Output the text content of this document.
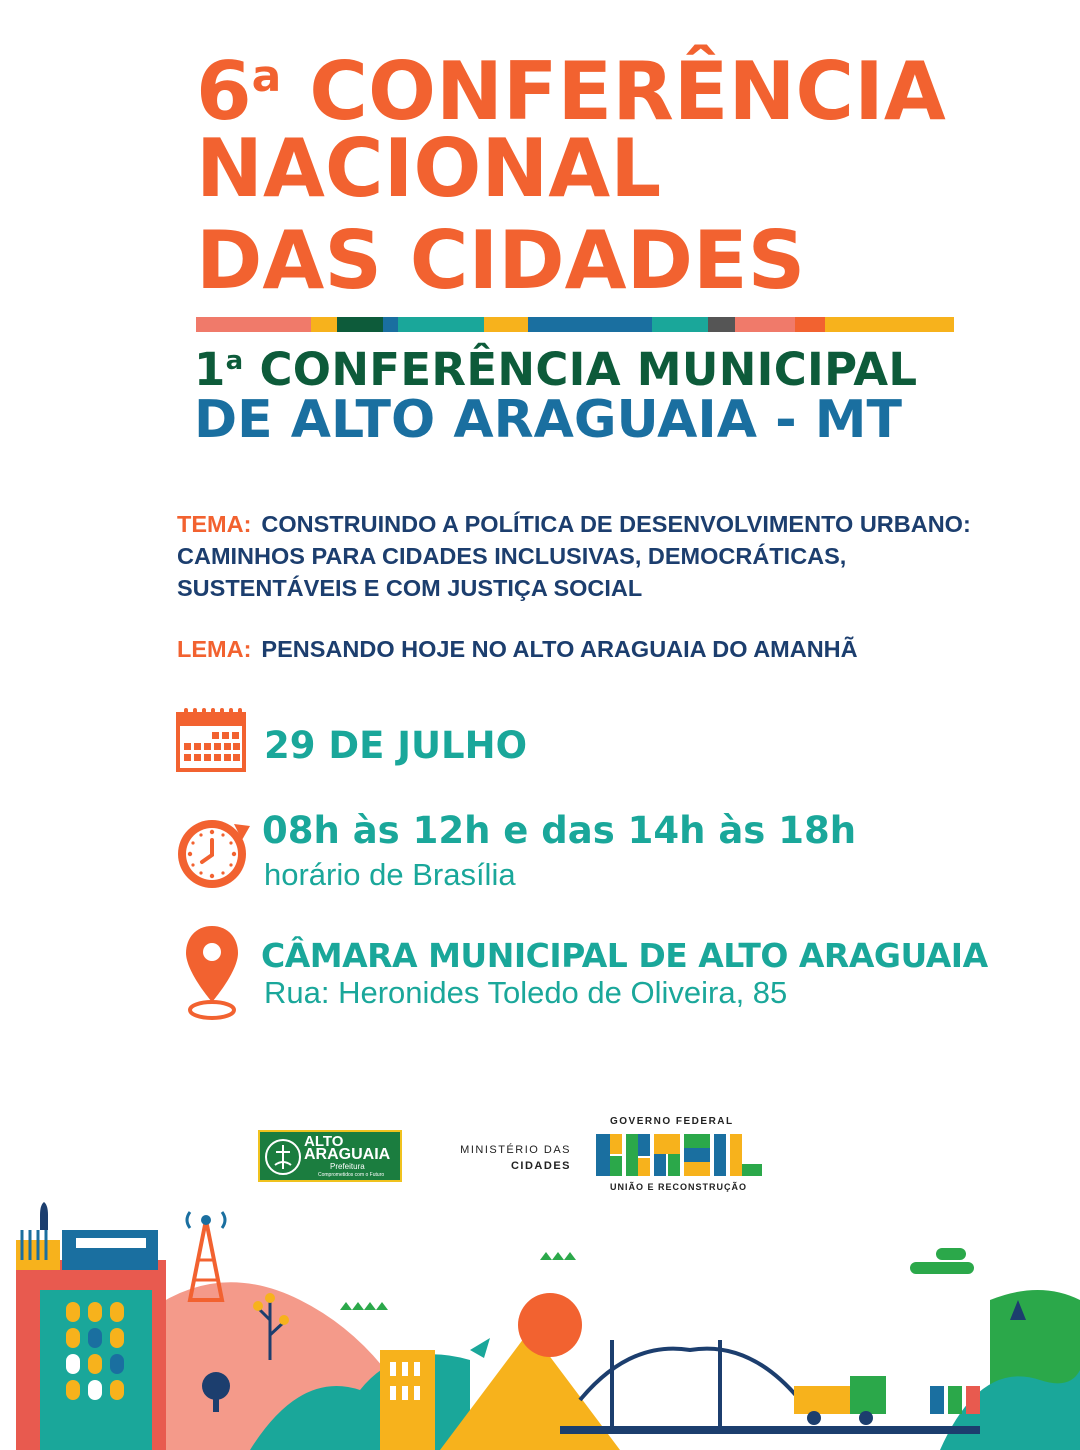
6$^a$ CONFERÊNCIA
NACIONAL
DAS CIDADES
1$^a$ CONFERÊNCIA MUNICIPAL
DE ALTO ARAGUAIA - MT
TEMA: CONSTRUINDO A POLÍTICA DE DESENVOLVIMENTO URBANO: CAMINHOS PARA CIDADES INCLUSIVAS, DEMOCRÁTICAS, SUSTENTÁVEIS E COM JUSTIÇA SOCIAL
LEMA: PENSANDO HOJE NO ALTO ARAGUAIA DO AMANHÃ
29 DE JULHO
08h às 12h e das 14h às 18h
horário de Brasília
CÂMARA MUNICIPAL DE ALTO ARAGUAIA
Rua: Heronides Toledo de Oliveira, 85
ALTO
ARAGUAIA
Prefeitura
Comprometidos com o Futuro
MINISTÉRIO DAS
CIDADES
GOVERNO FEDERAL
UNIÃO E RECONSTRUÇÃO
